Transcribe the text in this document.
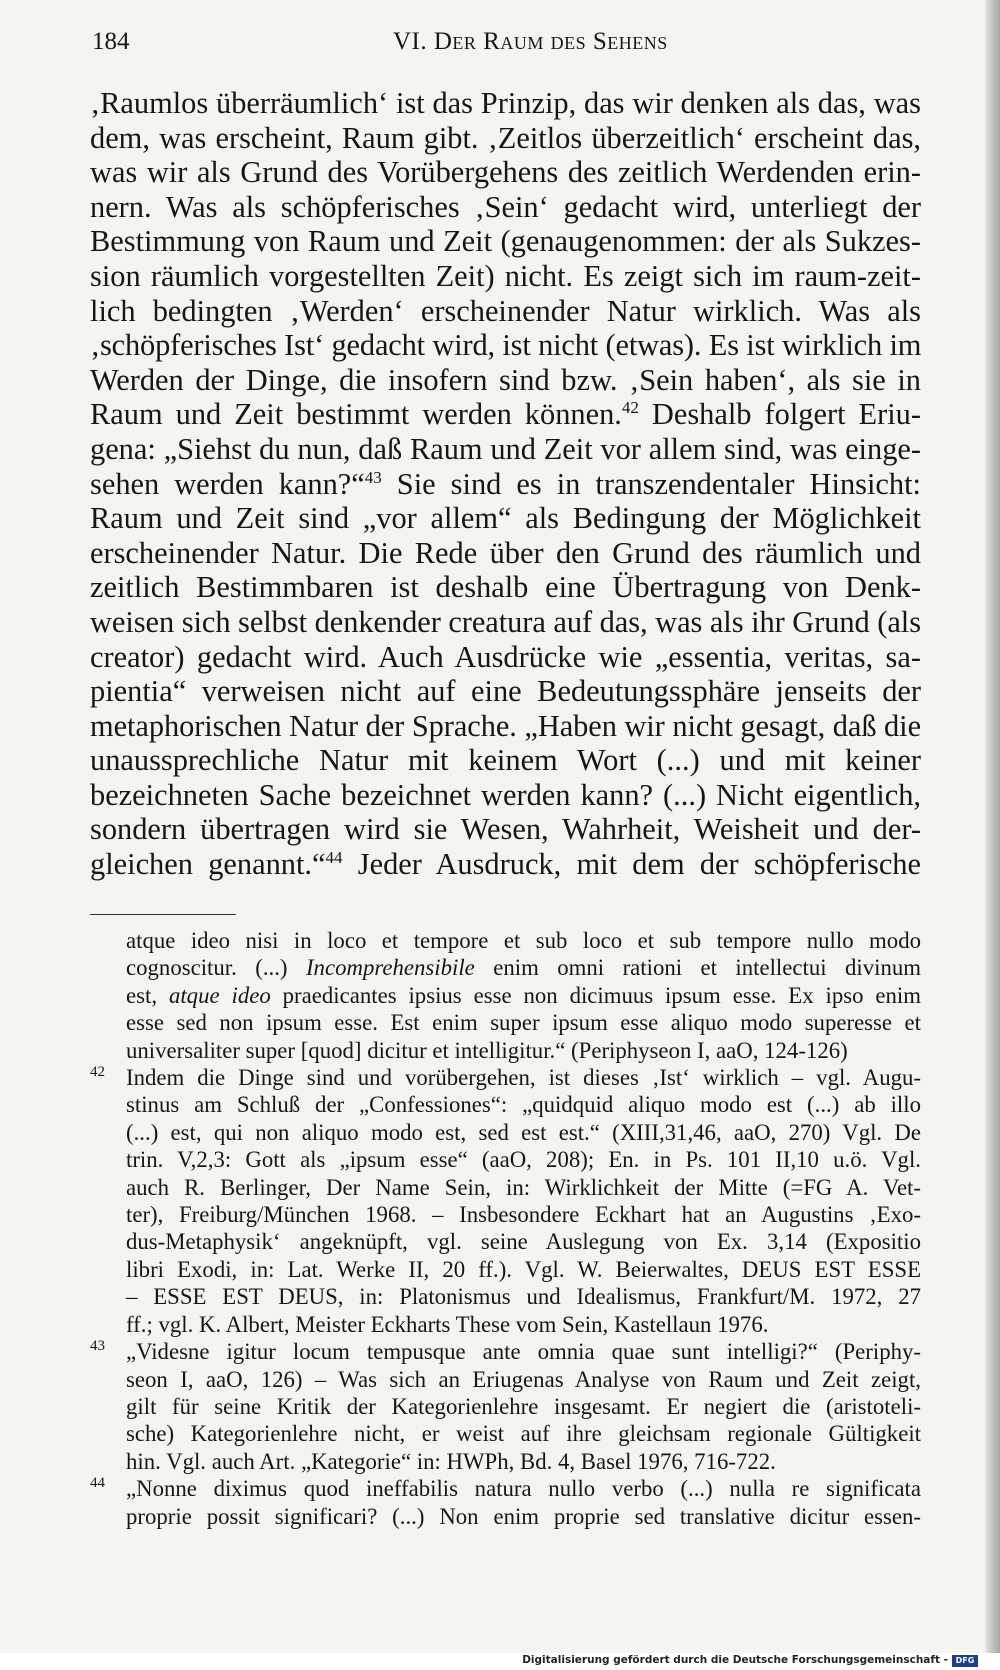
184	VI. Der Raum des Sehens
‚Raumlos überräumlich‘ ist das Prinzip, das wir denken als das, was
dem, was erscheint, Raum gibt. ‚Zeitlos überzeitlich‘ erscheint das,
was wir als Grund des Vorübergehens des zeitlich Werdenden erin-
nern. Was als schöpferisches ‚Sein‘ gedacht wird, unterliegt der
Bestimmung von Raum und Zeit (genaugenommen: der als Sukzes-
sion räumlich vorgestellten Zeit) nicht. Es zeigt sich im raum-zeit-
lich bedingten ‚Werden‘ erscheinender Natur wirklich. Was als
‚schöpferisches Ist‘ gedacht wird, ist nicht (etwas). Es ist wirklich im
Werden der Dinge, die insofern sind bzw. ‚Sein haben‘, als sie in
Raum und Zeit bestimmt werden können.$^{42}$ Deshalb folgert Eriu-
gena: „Siehst du nun, daß Raum und Zeit vor allem sind, was einge-
sehen werden kann?“$^{43}$ Sie sind es in transzendentaler Hinsicht:
Raum und Zeit sind „vor allem“ als Bedingung der Möglichkeit
erscheinender Natur. Die Rede über den Grund des räumlich und
zeitlich Bestimmbaren ist deshalb eine Übertragung von Denk-
weisen sich selbst denkender creatura auf das, was als ihr Grund (als
creator) gedacht wird. Auch Ausdrücke wie „essentia, veritas, sa-
pientia“ verweisen nicht auf eine Bedeutungssphäre jenseits der
metaphorischen Natur der Sprache. „Haben wir nicht gesagt, daß die
unaussprechliche Natur mit keinem Wort (...) und mit keiner
bezeichneten Sache bezeichnet werden kann? (...) Nicht eigentlich,
sondern übertragen wird sie Wesen, Wahrheit, Weisheit und der-
gleichen genannt.“$^{44}$ Jeder Ausdruck, mit dem der schöpferische
atque ideo nisi in loco et tempore et sub loco et sub tempore nullo modo
cognoscitur. (...) Incomprehensibile enim omni rationi et intellectui divinum
est, atque ideo praedicantes ipsius esse non dicimuus ipsum esse. Ex ipso enim
esse sed non ipsum esse. Est enim super ipsum esse aliquo modo superesse et
universaliter super [quod] dicitur et intelligitur.“ (Periphyseon I, aaO, 124-126)
42 Indem die Dinge sind und vorübergehen, ist dieses ‚Ist‘ wirklich – vgl. Augu-
stinus am Schluß der „Confessiones“: „quidquid aliquo modo est (...) ab illo
(...) est, qui non aliquo modo est, sed est est.“ (XIII,31,46, aaO, 270) Vgl. De
trin. V,2,3: Gott als „ipsum esse“ (aaO, 208); En. in Ps. 101 II,10 u.ö. Vgl.
auch R. Berlinger, Der Name Sein, in: Wirklichkeit der Mitte (=FG A. Vet-
ter), Freiburg/München 1968. – Insbesondere Eckhart hat an Augustins ‚Exo-
dus-Metaphysik‘ angeknüpft, vgl. seine Auslegung von Ex. 3,14 (Expositio
libri Exodi, in: Lat. Werke II, 20 ff.). Vgl. W. Beierwaltes, DEUS EST ESSE
– ESSE EST DEUS, in: Platonismus und Idealismus, Frankfurt/M. 1972, 27
ff.; vgl. K. Albert, Meister Eckharts These vom Sein, Kastellaun 1976.
43 „Videsne igitur locum tempusque ante omnia quae sunt intelligi?“ (Periphy-
seon I, aaO, 126) – Was sich an Eriugenas Analyse von Raum und Zeit zeigt,
gilt für seine Kritik der Kategorienlehre insgesamt. Er negiert die (aristoteli-
sche) Kategorienlehre nicht, er weist auf ihre gleichsam regionale Gültigkeit
hin. Vgl. auch Art. „Kategorie“ in: HWPh, Bd. 4, Basel 1976, 716-722.
44 „Nonne diximus quod ineffabilis natura nullo verbo (...) nulla re significata
proprie possit significari? (...) Non enim proprie sed translative dicitur essen-
Digitalisierung gefördert durch die Deutsche Forschungsgemeinschaft - DFG
